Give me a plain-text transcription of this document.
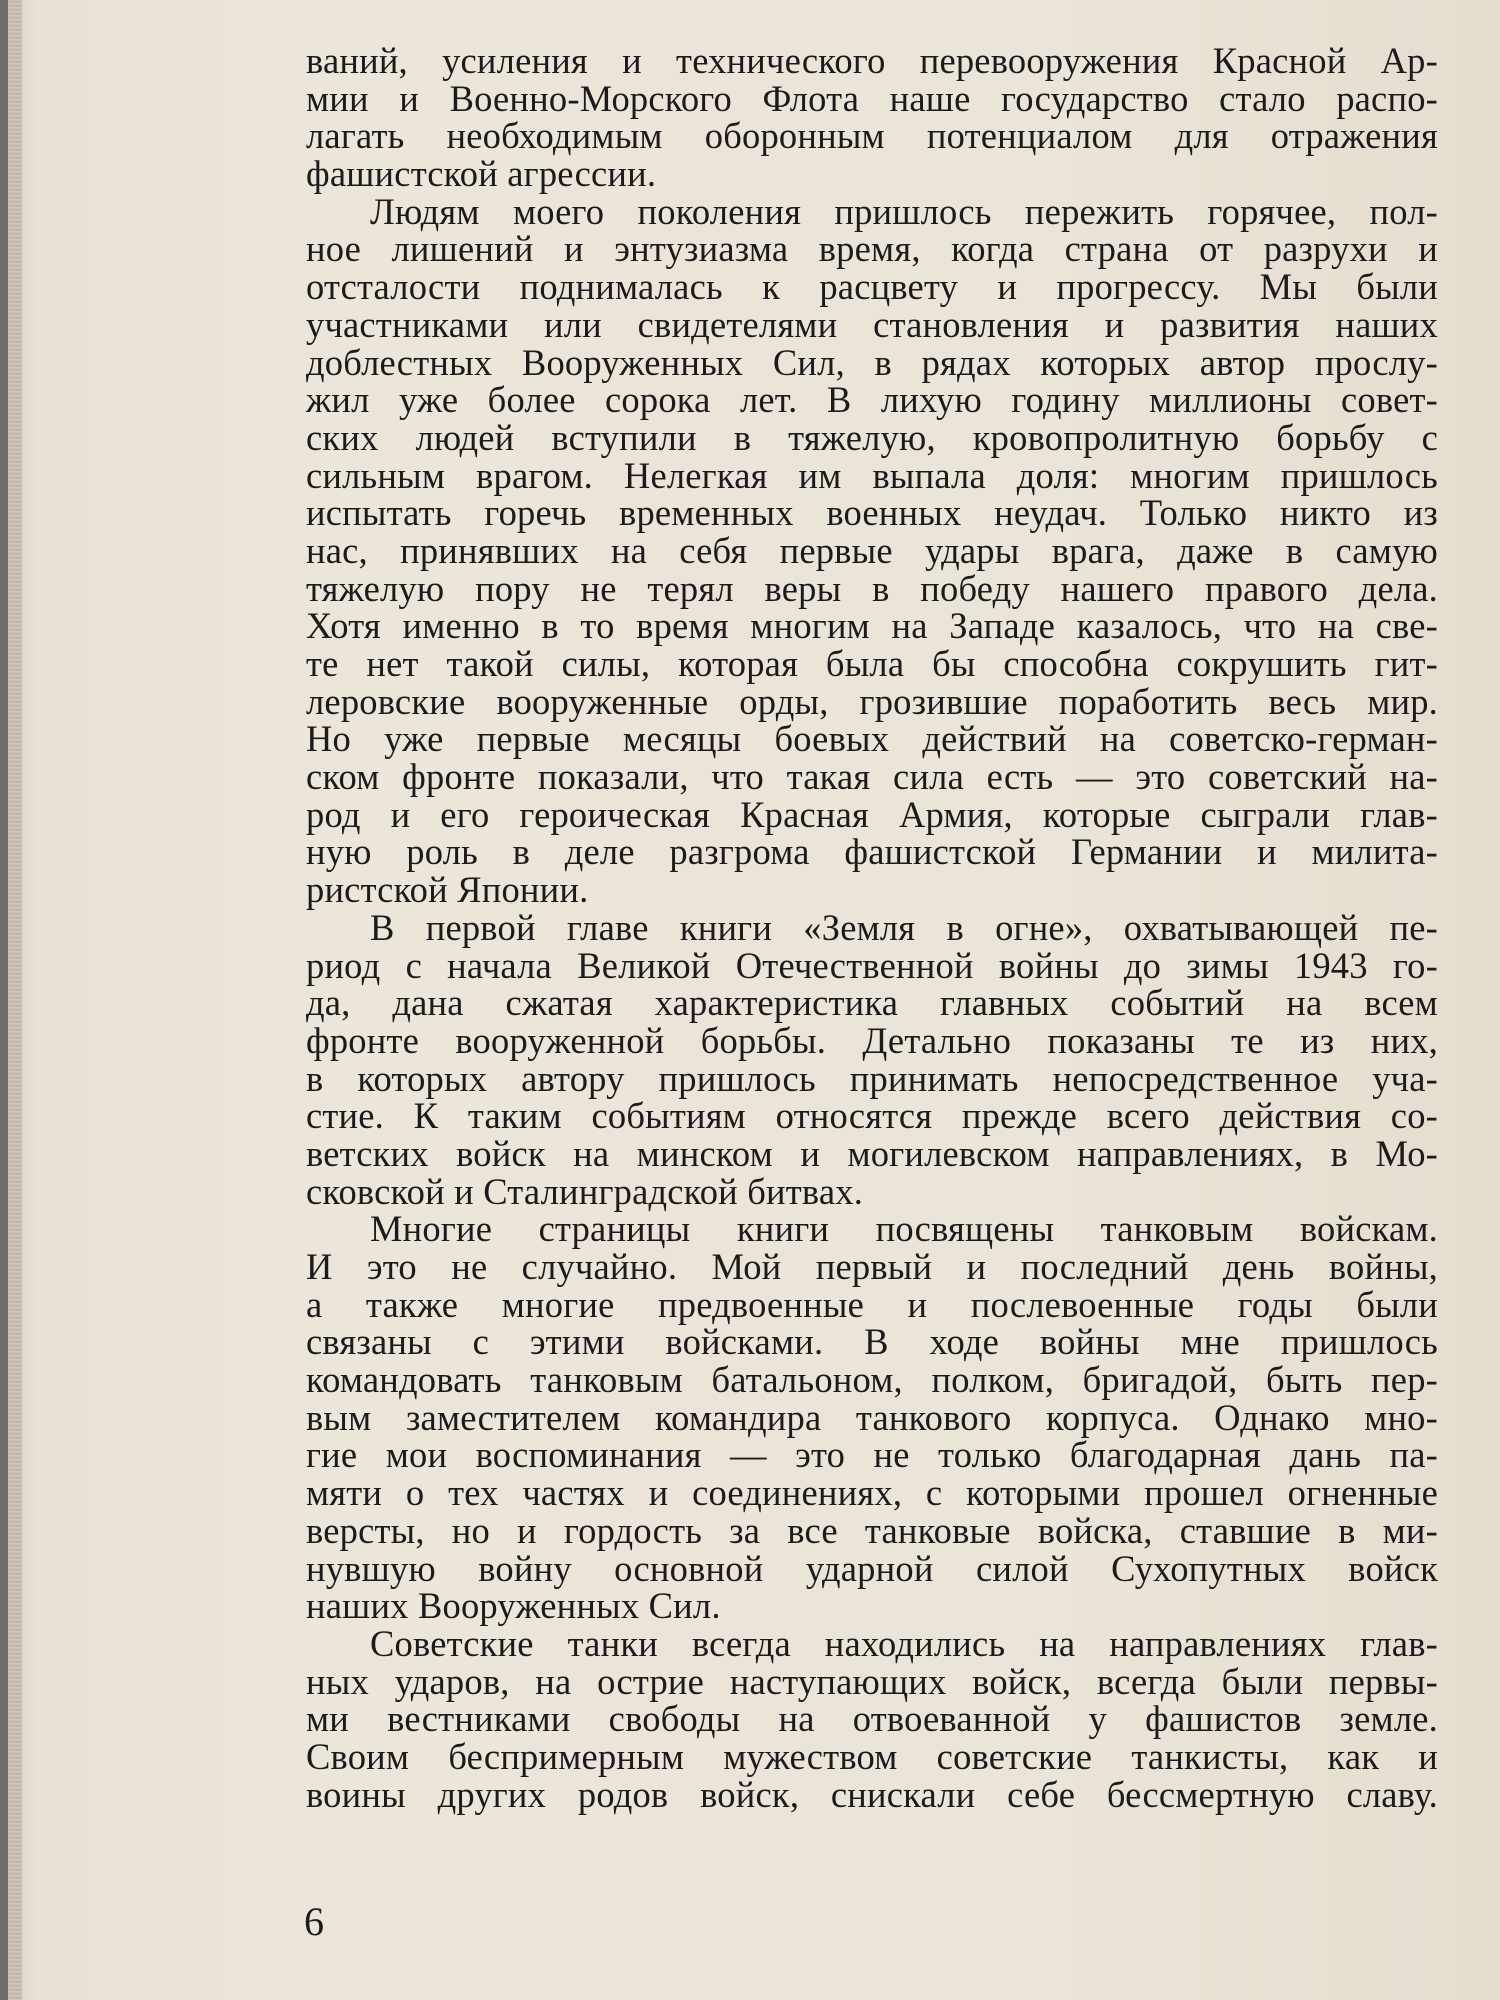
ваний, усиления и технического перевооружения Красной Ар-
мии и Военно-Морского Флота наше государство стало распо-
лагать необходимым оборонным потенциалом для отражения
фашистской агрессии.
Людям моего поколения пришлось пережить горячее, пол-
ное лишений и энтузиазма время, когда страна от разрухи и
отсталости поднималась к расцвету и прогрессу. Мы были
участниками или свидетелями становления и развития наших
доблестных Вооруженных Сил, в рядах которых автор прослу-
жил уже более сорока лет. В лихую годину миллионы совет-
ских людей вступили в тяжелую, кровопролитную борьбу с
сильным врагом. Нелегкая им выпала доля: многим пришлось
испытать горечь временных военных неудач. Только никто из
нас, принявших на себя первые удары врага, даже в самую
тяжелую пору не терял веры в победу нашего правого дела.
Хотя именно в то время многим на Западе казалось, что на све-
те нет такой силы, которая была бы способна сокрушить гит-
леровские вооруженные орды, грозившие поработить весь мир.
Но уже первые месяцы боевых действий на советско-герман-
ском фронте показали, что такая сила есть — это советский на-
род и его героическая Красная Армия, которые сыграли глав-
ную роль в деле разгрома фашистской Германии и милита-
ристской Японии.
В первой главе книги «Земля в огне», охватывающей пе-
риод с начала Великой Отечественной войны до зимы 1943 го-
да, дана сжатая характеристика главных событий на всем
фронте вооруженной борьбы. Детально показаны те из них,
в которых автору пришлось принимать непосредственное уча-
стие. К таким событиям относятся прежде всего действия со-
ветских войск на минском и могилевском направлениях, в Мо-
сковской и Сталинградской битвах.
Многие страницы книги посвящены танковым войскам.
И это не случайно. Мой первый и последний день войны,
а также многие предвоенные и послевоенные годы были
связаны с этими войсками. В ходе войны мне пришлось
командовать танковым батальоном, полком, бригадой, быть пер-
вым заместителем командира танкового корпуса. Однако мно-
гие мои воспоминания — это не только благодарная дань па-
мяти о тех частях и соединениях, с которыми прошел огненные
версты, но и гордость за все танковые войска, ставшие в ми-
нувшую войну основной ударной силой Сухопутных войск
наших Вооруженных Сил.
Советские танки всегда находились на направлениях глав-
ных ударов, на острие наступающих войск, всегда были первы-
ми вестниками свободы на отвоеванной у фашистов земле.
Своим беспримерным мужеством советские танкисты, как и
воины других родов войск, снискали себе бессмертную славу.
6
